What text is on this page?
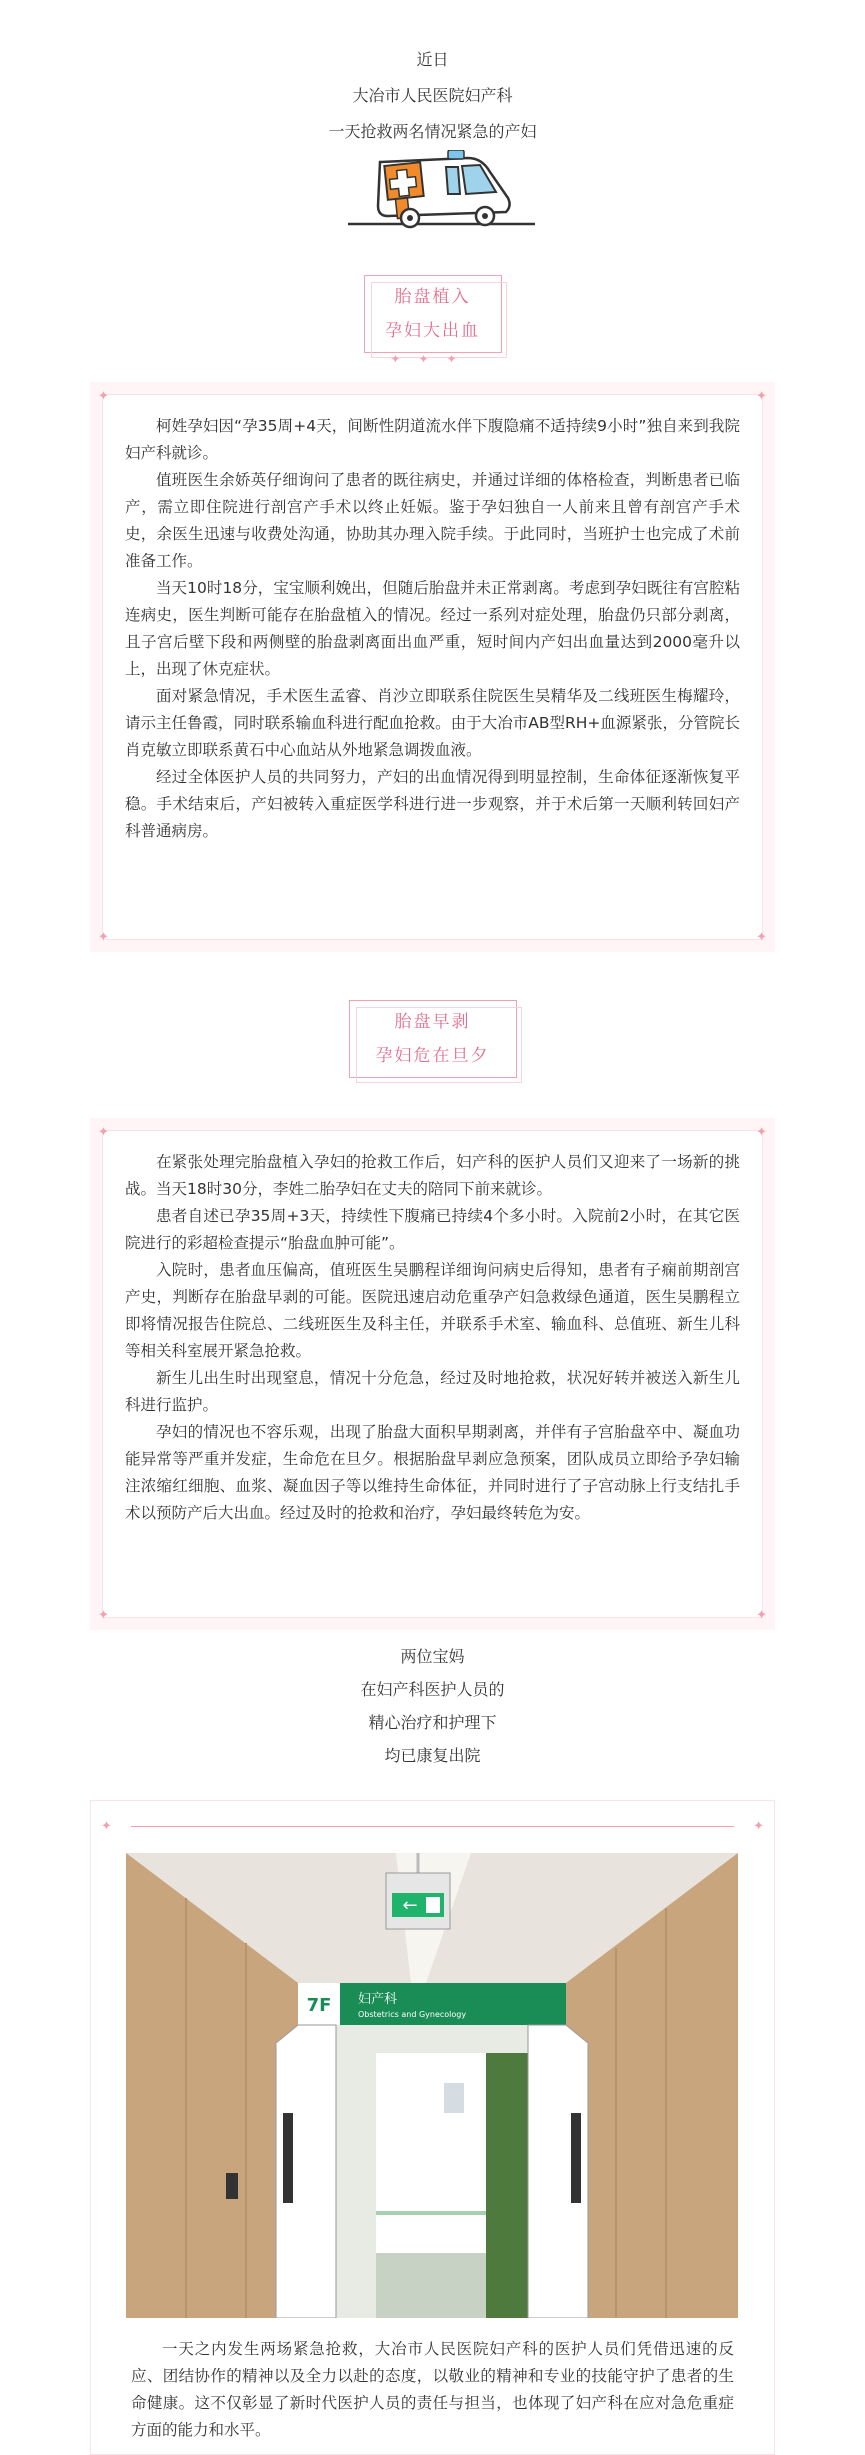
近日
大冶市人民医院妇产科
一天抢救两名情况紧急的产妇
胎盘植入
孕妇大出血
✦✦✦
✦	✦
✦	✦

柯姓孕妇因“孕35周+4天，间断性阴道流水伴下腹隐痛不适持续9小时”独自来到我院妇产科就诊。

值班医生余娇英仔细询问了患者的既往病史，并通过详细的体格检查，判断患者已临产，需立即住院进行剖宫产手术以终止妊娠。鉴于孕妇独自一人前来且曾有剖宫产手术史，余医生迅速与收费处沟通，协助其办理入院手续。于此同时，当班护士也完成了术前准备工作。

当天10时18分，宝宝顺利娩出，但随后胎盘并未正常剥离。考虑到孕妇既往有宫腔粘连病史，医生判断可能存在胎盘植入的情况。经过一系列对症处理，胎盘仍只部分剥离，且子宫后壁下段和两侧壁的胎盘剥离面出血严重，短时间内产妇出血量达到2000毫升以上，出现了休克症状。

面对紧急情况，手术医生孟睿、肖沙立即联系住院医生吴精华及二线班医生梅耀玲，请示主任鲁霞，同时联系输血科进行配血抢救。由于大冶市AB型RH+血源紧张，分管院长肖克敏立即联系黄石中心血站从外地紧急调拨血液。

经过全体医护人员的共同努力，产妇的出血情况得到明显控制，生命体征逐渐恢复平稳。手术结束后，产妇被转入重症医学科进行进一步观察，并于术后第一天顺利转回妇产科普通病房。

胎盘早剥
孕妇危在旦夕
✦	✦
✦	✦

在紧张处理完胎盘植入孕妇的抢救工作后，妇产科的医护人员们又迎来了一场新的挑战。当天18时30分，李姓二胎孕妇在丈夫的陪同下前来就诊。

患者自述已孕35周+3天，持续性下腹痛已持续4个多小时。入院前2小时，在其它医院进行的彩超检查提示“胎盘血肿可能”。

入院时，患者血压偏高，值班医生吴鹏程详细询问病史后得知，患者有子痫前期剖宫产史，判断存在胎盘早剥的可能。医院迅速启动危重孕产妇急救绿色通道，医生吴鹏程立即将情况报告住院总、二线班医生及科主任，并联系手术室、输血科、总值班、新生儿科等相关科室展开紧急抢救。

新生儿出生时出现窒息，情况十分危急，经过及时地抢救，状况好转并被送入新生儿科进行监护。

孕妇的情况也不容乐观，出现了胎盘大面积早期剥离，并伴有子宫胎盘卒中、凝血功能异常等严重并发症，生命危在旦夕。根据胎盘早剥应急预案，团队成员立即给予孕妇输注浓缩红细胞、血浆、凝血因子等以维持生命体征，并同时进行了子宫动脉上行支结扎手术以预防产后大出血。经过及时的抢救和治疗，孕妇最终转危为安。

两位宝妈
在妇产科医护人员的
精心治疗和护理下
均已康复出院
✦	✦
7F 妇产科
Obstetrics and Gynecology
←

一天之内发生两场紧急抢救，大冶市人民医院妇产科的医护人员们凭借迅速的反应、团结协作的精神以及全力以赴的态度，以敬业的精神和专业的技能守护了患者的生命健康。这不仅彰显了新时代医护人员的责任与担当，也体现了妇产科在应对急危重症方面的能力和水平。
